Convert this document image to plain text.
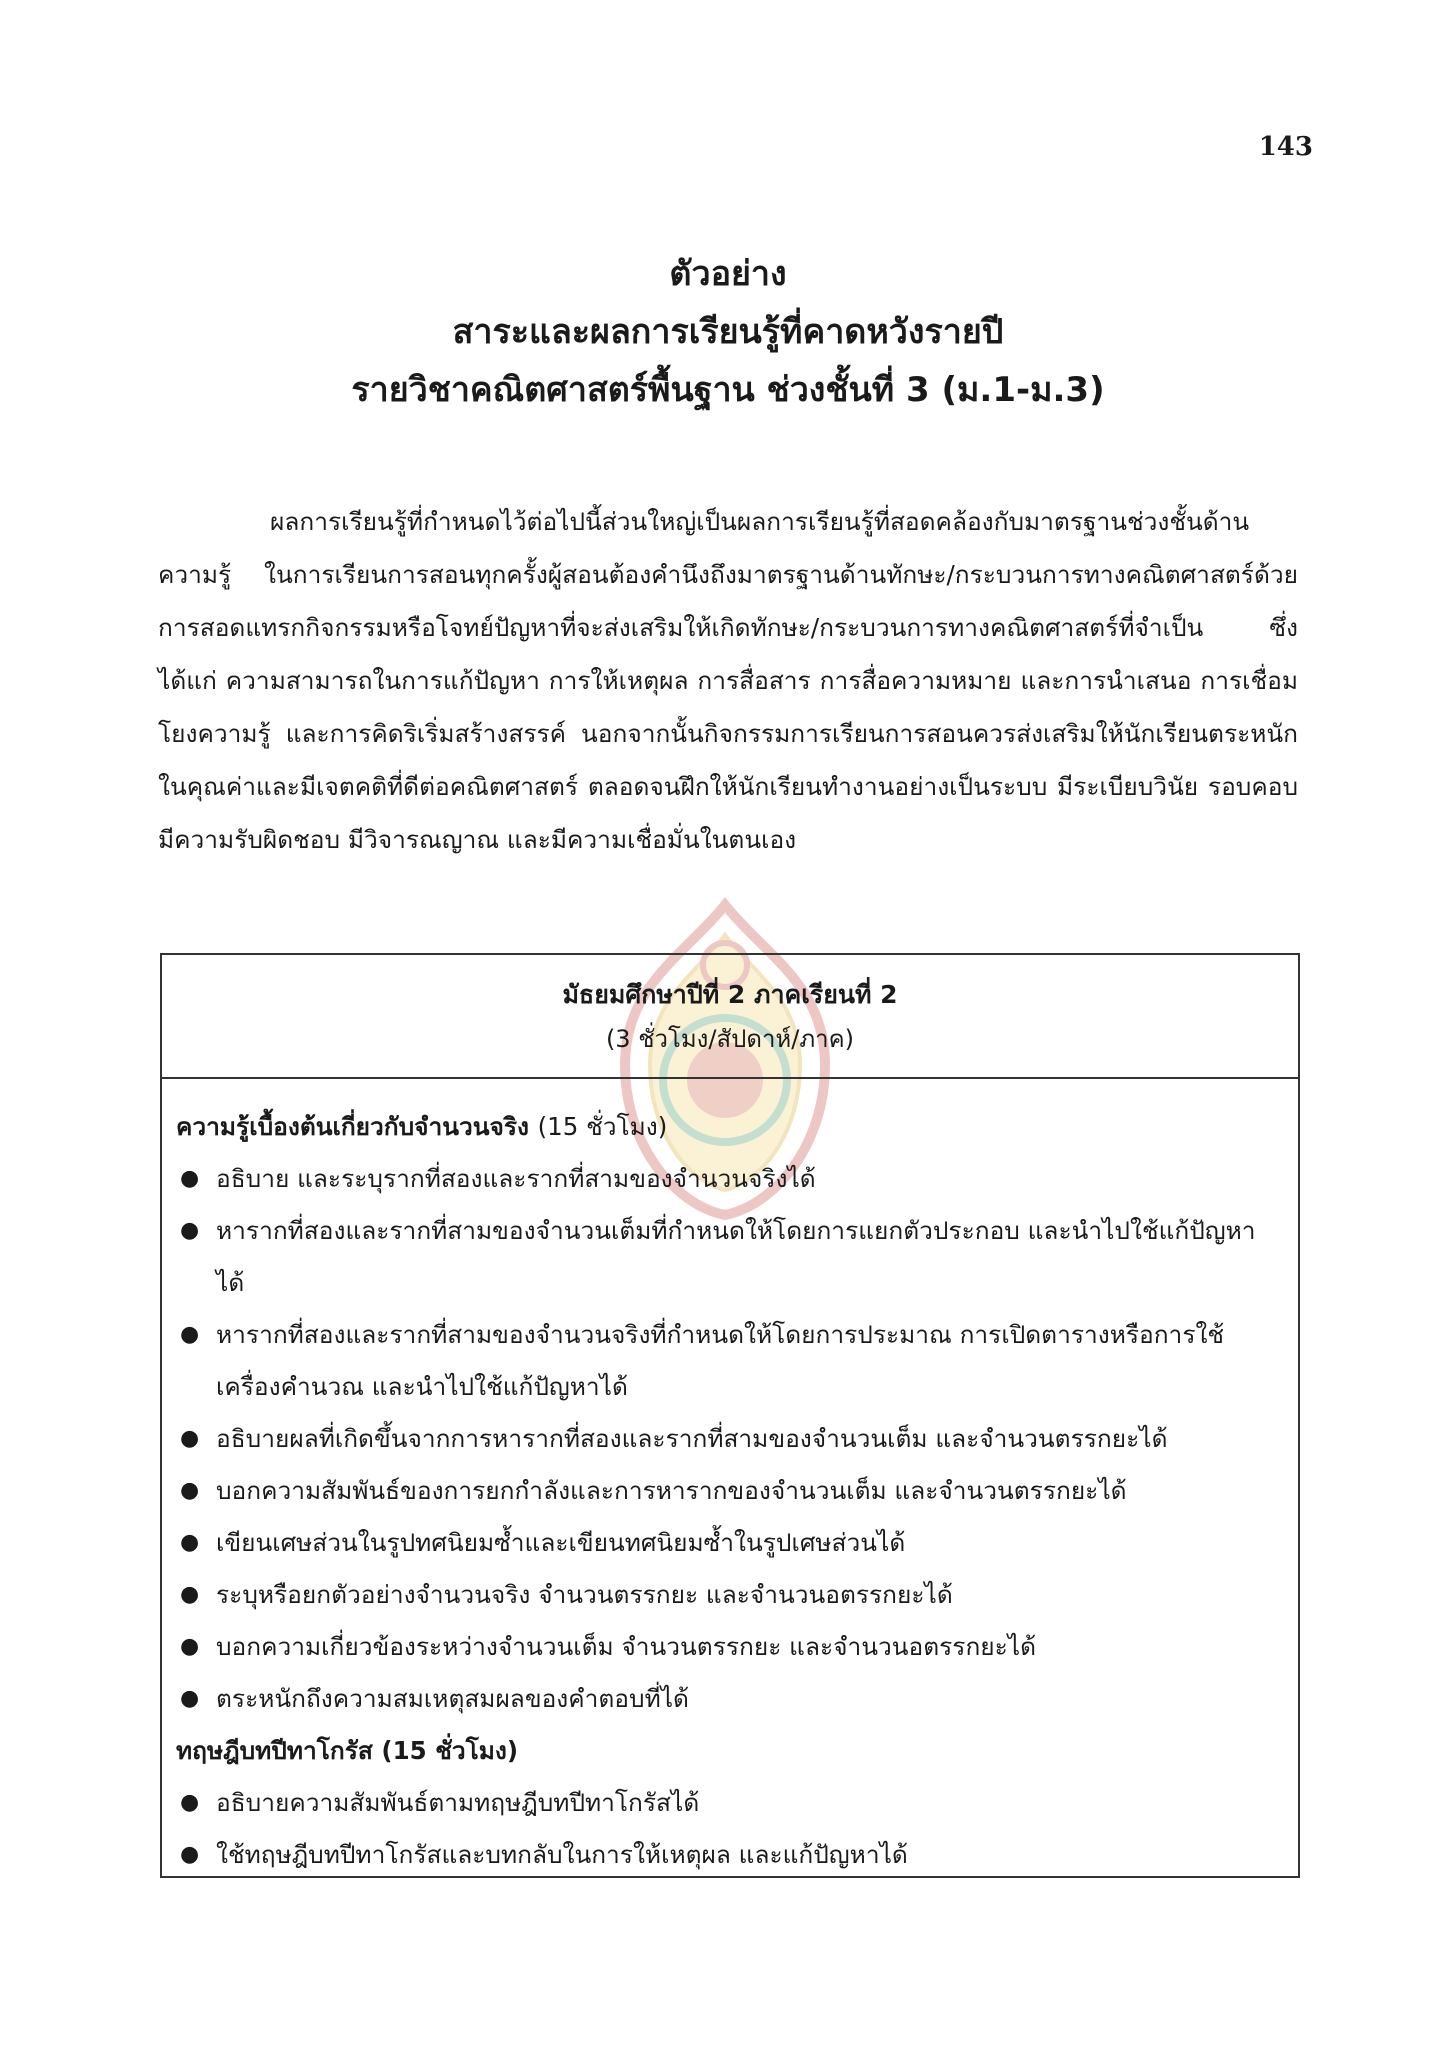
143
ตัวอย่าง
สาระและผลการเรียนรู้ที่คาดหวังรายปี
รายวิชาคณิตศาสตร์พื้นฐาน ช่วงชั้นที่ 3 (ม.1-ม.3)

ผลการเรียนรู้ที่กำหนดไว้ต่อไปนี้ส่วนใหญ่เป็นผลการเรียนรู้ที่สอดคล้องกับมาตรฐานช่วงชั้นด้านความรู้ ในการเรียนการสอนทุกครั้งผู้สอนต้องคำนึงถึงมาตรฐานด้านทักษะ/กระบวนการทางคณิตศาสตร์ด้วยการสอดแทรกกิจกรรมหรือโจทย์ปัญหาที่จะส่งเสริมให้เกิดทักษะ/กระบวนการทางคณิตศาสตร์ที่จำเป็น ซึ่งได้แก่ ความสามารถในการแก้ปัญหา การให้เหตุผล การสื่อสาร การสื่อความหมาย และการนำเสนอ การเชื่อมโยงความรู้ และการคิดริเริ่มสร้างสรรค์ นอกจากนั้นกิจกรรมการเรียนการสอนควรส่งเสริมให้นักเรียนตระหนักในคุณค่าและมีเจตคติที่ดีต่อคณิตศาสตร์ ตลอดจนฝึกให้นักเรียนทำงานอย่างเป็นระบบ มีระเบียบวินัย รอบคอบ มีความรับผิดชอบ มีวิจารณญาณ และมีความเชื่อมั่นในตนเอง

มัธยมศึกษาปีที่ 2 ภาคเรียนที่ 2
(3 ชั่วโมง/สัปดาห์/ภาค)
ความรู้เบื้องต้นเกี่ยวกับจำนวนจริง (15 ชั่วโมง)
● อธิบาย และระบุรากที่สองและรากที่สามของจำนวนจริงได้
● หารากที่สองและรากที่สามของจำนวนเต็มที่กำหนดให้โดยการแยกตัวประกอบ และนำไปใช้แก้ปัญหาได้
● หารากที่สองและรากที่สามของจำนวนจริงที่กำหนดให้โดยการประมาณ การเปิดตารางหรือการใช้เครื่องคำนวณ และนำไปใช้แก้ปัญหาได้
● อธิบายผลที่เกิดขึ้นจากการหารากที่สองและรากที่สามของจำนวนเต็ม และจำนวนตรรกยะได้
● บอกความสัมพันธ์ของการยกกำลังและการหารากของจำนวนเต็ม และจำนวนตรรกยะได้
● เขียนเศษส่วนในรูปทศนิยมซ้ำและเขียนทศนิยมซ้ำในรูปเศษส่วนได้
● ระบุหรือยกตัวอย่างจำนวนจริง จำนวนตรรกยะ และจำนวนอตรรกยะได้
● บอกความเกี่ยวข้องระหว่างจำนวนเต็ม จำนวนตรรกยะ และจำนวนอตรรกยะได้
● ตระหนักถึงความสมเหตุสมผลของคำตอบที่ได้
ทฤษฎีบทปีทาโกรัส (15 ชั่วโมง)
● อธิบายความสัมพันธ์ตามทฤษฎีบทปีทาโกรัสได้
● ใช้ทฤษฎีบทปีทาโกรัสและบทกลับในการให้เหตุผล และแก้ปัญหาได้
